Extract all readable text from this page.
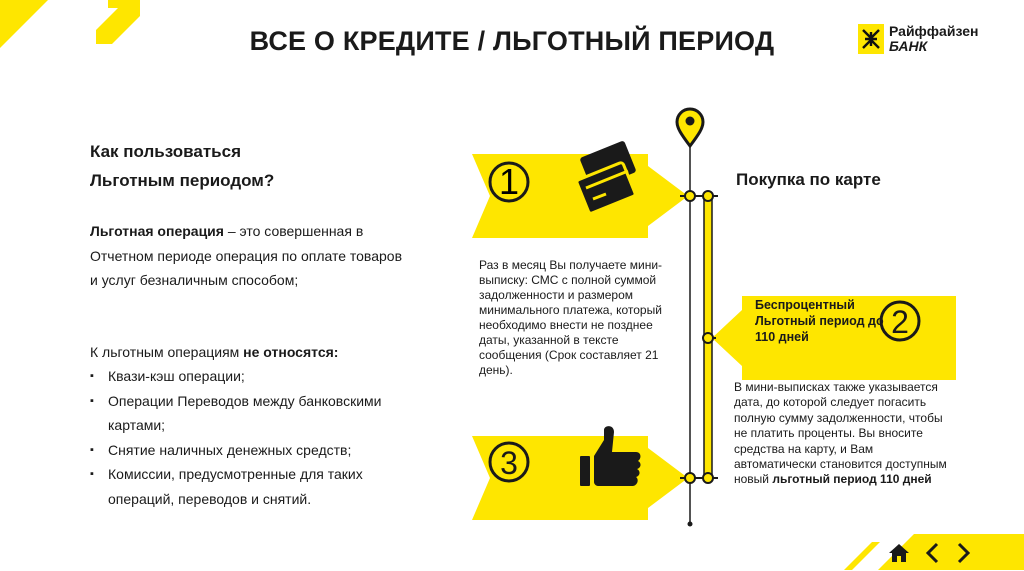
ВСЕ О КРЕДИТЕ / ЛЬГОТНЫЙ ПЕРИОД	Райффайзен
БАНК
Как пользоваться
Льготным периодом?
Льготная операция – это совершенная в Отчетном периоде операция по оплате товаров и услуг безналичным способом;
К льготным операциям не относятся:
▪ Квази-кэш операции;
▪ Операции Переводов между банковскими картами;
▪ Снятие наличных денежных средств;
▪ Комиссии, предусмотренные для таких операций, переводов и снятий.
1
2
3
Покупка по карте
Раз в месяц Вы получаете мини-выписку: СМС с полной суммой задолженности и размером минимального платежа, который необходимо внести не позднее даты, указанной в тексте сообщения (Срок составляет 21 день).
Беспроцентный Льготный период до 110 дней
В мини-выписках также указывается дата, до которой следует погасить полную сумму задолженности, чтобы не платить проценты. Вы вносите средства на карту, и Вам автоматически становится доступным новый льготный период 110 дней
